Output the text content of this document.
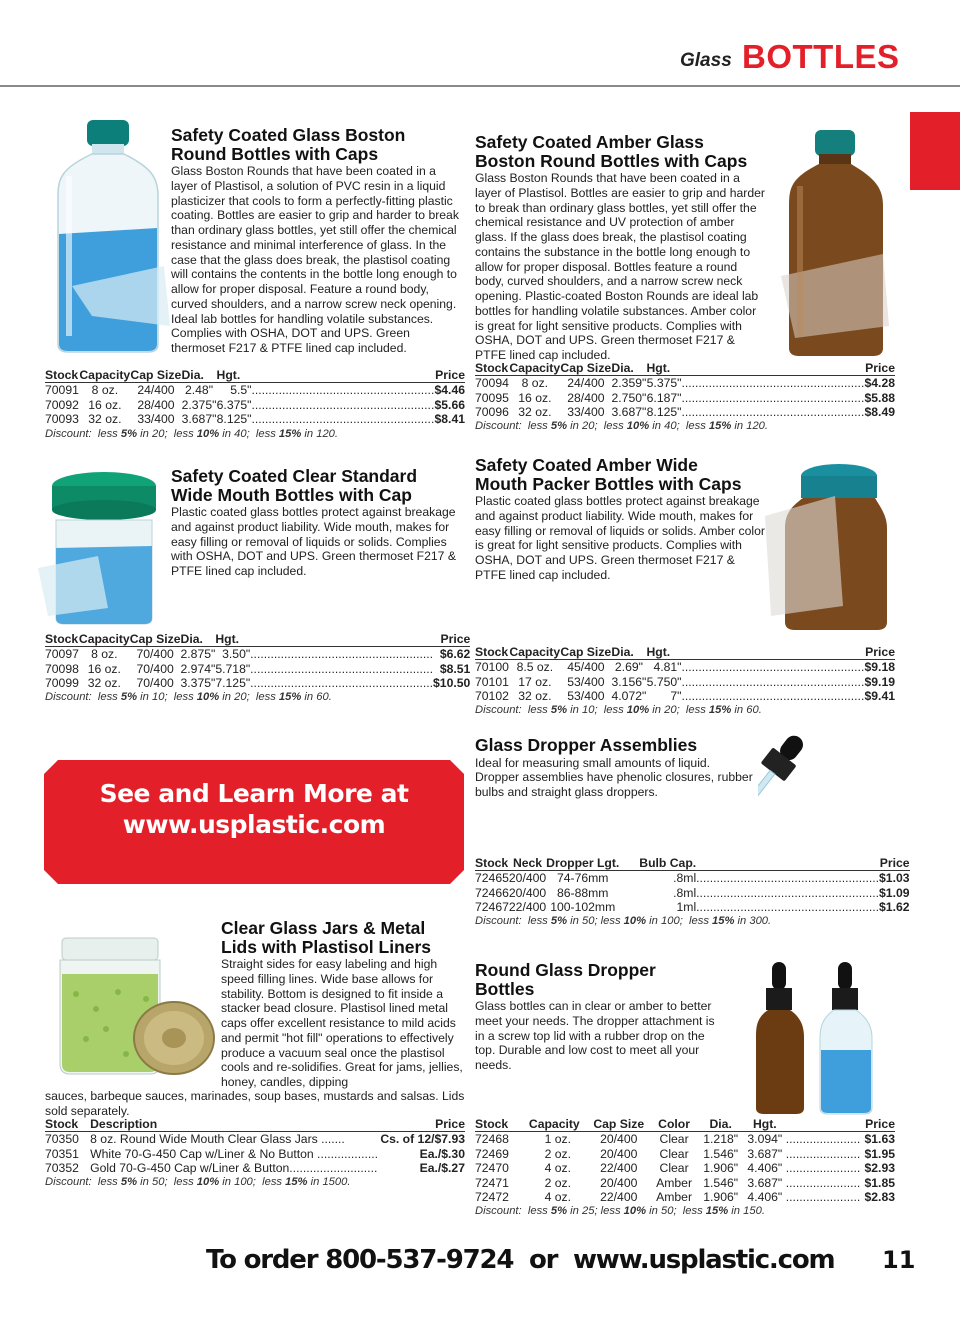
Glass BOTTLES
Safety Coated Glass Boston
Round Bottles with Caps
Glass Boston Rounds that have been coated in a layer of Plastisol, a solution of PVC resin in a liquid plasticizer that cools to form a perfectly-fitting plastic coating. Bottles are easier to grip and harder to break than ordinary glass bottles, yet still offer the chemical resistance and minimal interference of glass. In the case that the glass does break, the plastisol coating will contains the contents in the bottle long enough to allow for proper disposal. Feature a round body, curved shoulders, and a narrow screw neck opening. Ideal lab bottles for handling volatile substances. Complies with OSHA, DOT and UPS. Green thermoset F217 & PTFE lined cap included.
Stock	Capacity	Cap Size	Dia.	Hgt.		Price
70091	8 oz.	24/400	2.48"	5.5"	......................................................	$4.46
70092	16 oz.	28/400	2.375"	6.375"	......................................................	$5.66
70093	32 oz.	33/400	3.687"	8.125"	......................................................	$8.41
Discount:  less 5% in 20;  less 10% in 40;  less 15% in 120.
Safety Coated Amber Glass
Boston Round Bottles with Caps
Glass Boston Rounds that have been coated in a layer of Plastisol. Bottles are easier to grip and harder to break than ordinary glass bottles, yet still offer the chemical resistance and UV protection of amber glass. If the glass does break, the plastisol coating contains the substance in the bottle long enough to allow for proper disposal. Bottles feature a round body, curved shoulders, and a narrow screw neck opening. Plastic-coated Boston Rounds are ideal lab bottles for handling volatile substances. Amber color is great for light sensitive products. Complies with OSHA, DOT and UPS. Green thermoset F217 & PTFE lined cap included.
Stock	Capacity	Cap Size	Dia.	Hgt.		Price
70094	8 oz.	24/400	2.359"	5.375"	......................................................	$4.28
70095	16 oz.	28/400	2.750"	6.187"	......................................................	$5.88
70096	32 oz.	33/400	3.687"	8.125"	......................................................	$8.49
Discount:  less 5% in 20;  less 10% in 40;  less 15% in 120.
Safety Coated Clear Standard
Wide Mouth Bottles with Cap
Plastic coated glass bottles protect against breakage and against product liability. Wide mouth, makes for easy filling or removal of liquids or solids. Complies with OSHA, DOT and UPS. Green thermoset F217 & PTFE lined cap included.
Stock	Capacity	Cap Size	Dia.	Hgt.		Price
70097	8 oz.	70/400	2.875"	3.50"	......................................................	$6.62
70098	16 oz.	70/400	2.974"	5.718"	......................................................	$8.51
70099	32 oz.	70/400	3.375"	7.125"	......................................................	$10.50
Discount:  less 5% in 10;  less 10% in 20;  less 15% in 60.
Safety Coated Amber Wide
Mouth Packer Bottles with Caps
Plastic coated glass bottles protect against breakage and against product liability. Wide mouth, makes for easy filling or removal of liquids or solids. Amber color is great for light sensitive products. Complies with OSHA, DOT and UPS. Green thermoset F217 & PTFE lined cap included.
Stock	Capacity	Cap Size	Dia.	Hgt.		Price
70100	8.5 oz.	45/400	2.69"	4.81"	......................................................	$9.18
70101	17 oz.	53/400	3.156"	5.750"	......................................................	$9.19
70102	32 oz.	53/400	4.072"	7"	......................................................	$9.41
Discount:  less 5% in 10;  less 10% in 20;  less 15% in 60.
See and Learn More at
www.usplastic.com
Glass Dropper Assemblies
Ideal for measuring small amounts of liquid. Dropper assemblies have phenolic closures, rubber bulbs and straight glass droppers.
Stock	Neck	Dropper Lgt.	Bulb Cap.		Price
72465	20/400	74-76mm	.8ml	......................................................	$1.03
72466	20/400	86-88mm	.8ml	......................................................	$1.09
72467	22/400	100-102mm	1ml	......................................................	$1.62
Discount:  less 5% in 50; less 10% in 100;  less 15% in 300.
Clear Glass Jars & Metal
Lids with Plastisol Liners
Straight sides for easy labeling and high speed filling lines. Wide base allows for stability. Bottom is designed to fit inside a stacker bead closure. Plastisol lined metal caps offer excellent resistance to mild acids and permit "hot fill" operations to effectively produce a vacuum seal once the plastisol cools and re-solidifies. Great for jams, jellies, honey, candles, dipping
sauces, barbeque sauces, marinades, soup bases, mustards and salsas. Lids sold separately.
Stock	Description	Price
70350	8 oz. Round Wide Mouth Clear Glass Jars .......	Cs. of 12/$7.93
70351	White 70-G-450 Cap w/Liner & No Button ..................	Ea./$.30
70352	Gold 70-G-450 Cap w/Liner & Button..........................	Ea./$.27
Discount:  less 5% in 50;  less 10% in 100;  less 15% in 1500.
Round Glass Dropper
Bottles
Glass bottles can in clear or amber to better meet your needs. The dropper attachment is in a screw top lid with a rubber drop on the top. Durable and low cost to meet all your needs.
Stock	Capacity	Cap Size	Color	Dia.	Hgt.		Price
72468	1 oz.	20/400	Clear	1.218"	3.094"	......................	$1.63
72469	2 oz.	20/400	Clear	1.546"	3.687"	......................	$1.95
72470	4 oz.	22/400	Clear	1.906"	4.406"	......................	$2.93
72471	2 oz.	20/400	Amber	1.546"	3.687"	......................	$1.85
72472	4 oz.	22/400	Amber	1.906"	4.406"	......................	$2.83
Discount:  less 5% in 25; less 10% in 50;  less 15% in 150.
To order 800-537-9724  or  www.usplastic.com 11
